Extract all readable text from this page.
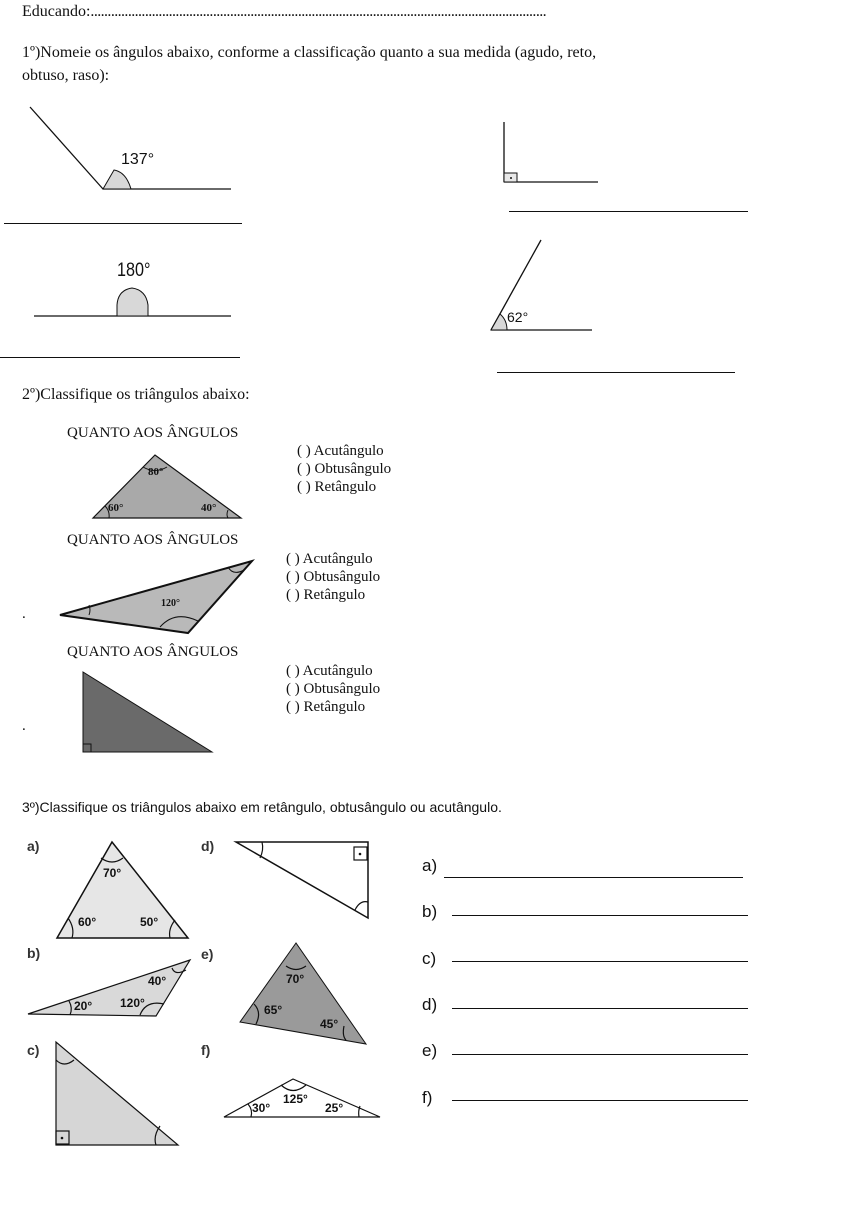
Educando:......................................................................................................................................
1º)Nomeie os ângulos abaixo, conforme a classificação quanto a sua medida (agudo, reto,
obtuso, raso):
137°
180°
62°
2º)Classifique os triângulos abaixo:
QUANTO AOS ÂNGULOS
80°
60°	40°
( ) Acutângulo
( ) Obtusângulo
( ) Retângulo
QUANTO AOS ÂNGULOS
120°
( ) Acutângulo
( ) Obtusângulo
( ) Retângulo
.
QUANTO AOS ÂNGULOS
( ) Acutângulo
( ) Obtusângulo
( ) Retângulo
.
3º)Classifique os triângulos abaixo em retângulo, obtusângulo ou acutângulo.
a)	d)
b)	e)
c)	f)
70°
60°	50°
40°
20° 120°
70°
65°
45°
125°
30°	25°
a)
b)
c)
d)
e)
f)
